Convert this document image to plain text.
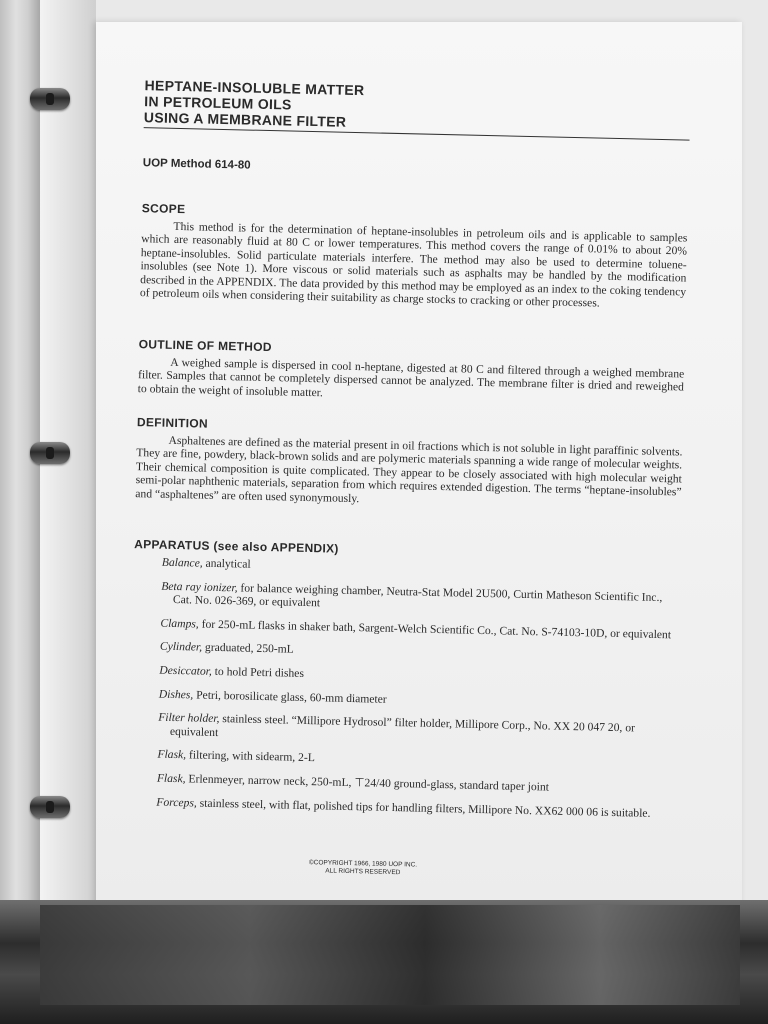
HEPTANE-INSOLUBLE MATTER
IN PETROLEUM OILS
USING A MEMBRANE FILTER
UOP Method 614-80
SCOPE

This method is for the determination of heptane-insolubles in petroleum oils and is applicable to samples which are reasonably fluid at 80 C or lower temperatures. This method covers the range of 0.01% to about 20% heptane-insolubles. Solid particulate materials interfere. The method may also be used to determine toluene-insolubles (see Note 1). More viscous or solid materials such as asphalts may be handled by the modification described in the APPENDIX. The data provided by this method may be employed as an index to the coking tendency of petroleum oils when considering their suitability as charge stocks to cracking or other processes.

OUTLINE OF METHOD

A weighed sample is dispersed in cool n-heptane, digested at 80 C and filtered through a weighed membrane filter. Samples that cannot be completely dispersed cannot be analyzed. The membrane filter is dried and reweighed to obtain the weight of insoluble matter.

DEFINITION

Asphaltenes are defined as the material present in oil fractions which is not soluble in light paraffinic solvents. They are fine, powdery, black-brown solids and are polymeric materials spanning a wide range of molecular weights. Their chemical composition is quite complicated. They appear to be closely associated with high molecular weight semi-polar naphthenic materials, separation from which requires extended digestion. The terms “heptane-insolubles” and “asphaltenes” are often used synonymously.

APPARATUS (see also APPENDIX)
Balance, analytical
Beta ray ionizer, for balance weighing chamber, Neutra-Stat Model 2U500, Curtin Matheson Scientific Inc., Cat. No. 026-369, or equivalent
Clamps, for 250-mL flasks in shaker bath, Sargent-Welch Scientific Co., Cat. No. S-74103-10D, or equivalent
Cylinder, graduated, 250-mL
Desiccator, to hold Petri dishes
Dishes, Petri, borosilicate glass, 60-mm diameter
Filter holder, stainless steel. “Millipore Hydrosol” filter holder, Millipore Corp., No. XX 20 047 20, or equivalent
Flask, filtering, with sidearm, 2-L
Flask, Erlenmeyer, narrow neck, 250-mL, ⊤24/40 ground-glass, standard taper joint
Forceps, stainless steel, with flat, polished tips for handling filters, Millipore No. XX62 000 06 is suitable.
©COPYRIGHT 1966, 1980 UOP INC.
ALL RIGHTS RESERVED
